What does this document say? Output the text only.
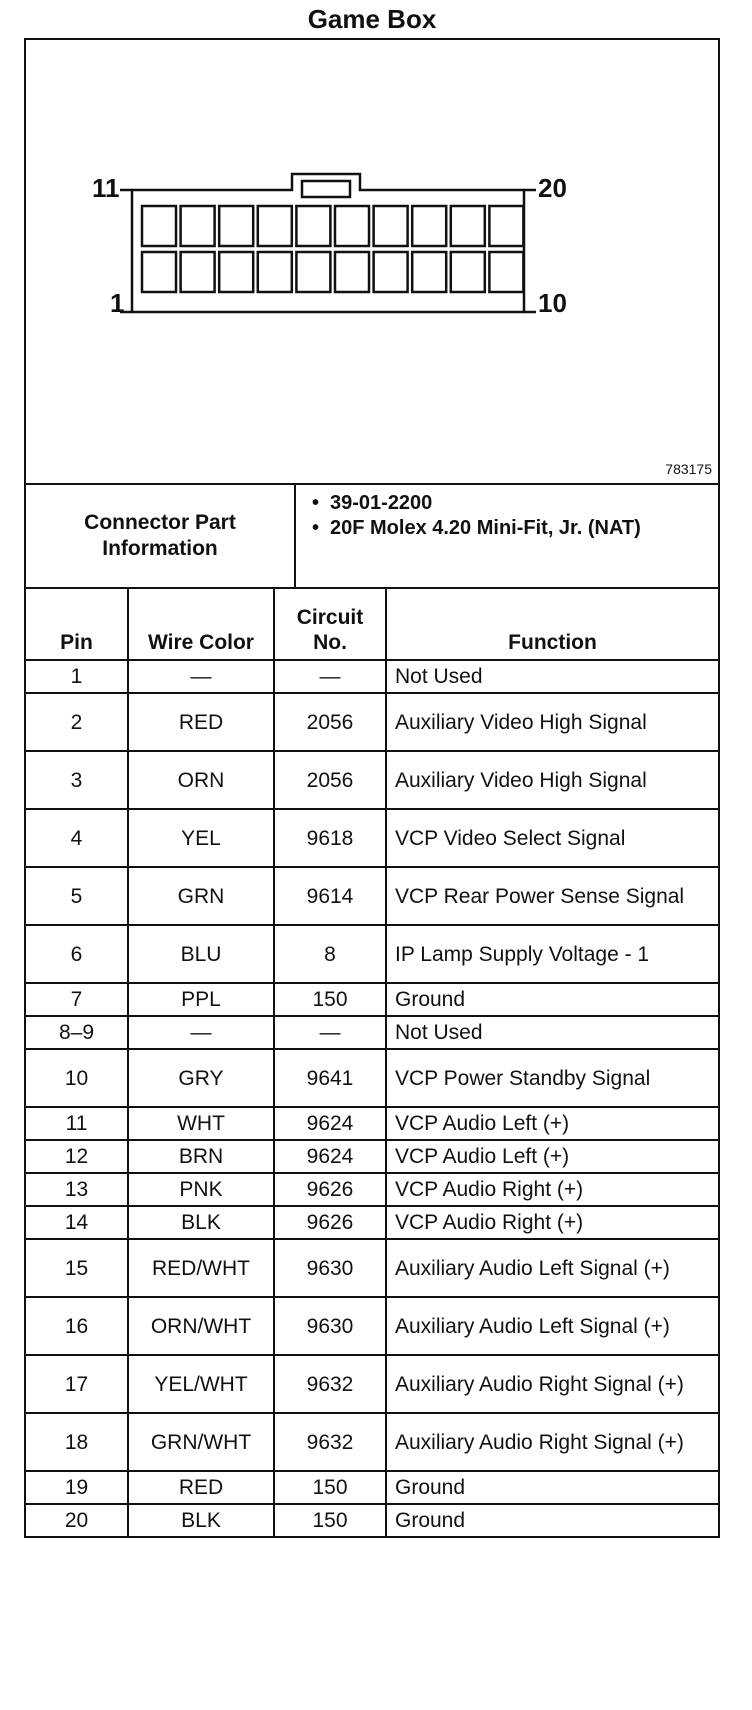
Game Box
11	20
1	10
783175
Connector Part Information
• 39-01-2200
• 20F Molex 4.20 Mini-Fit, Jr. (NAT)
Pin	Wire Color	Circuit No.	Function
1	—	—	Not Used
2	RED	2056	Auxiliary Video High Signal
3	ORN	2056	Auxiliary Video High Signal
4	YEL	9618	VCP Video Select Signal
5	GRN	9614	VCP Rear Power Sense Signal
6	BLU	8	IP Lamp Supply Voltage - 1
7	PPL	150	Ground
8–9	—	—	Not Used
10	GRY	9641	VCP Power Standby Signal
11	WHT	9624	VCP Audio Left (+)
12	BRN	9624	VCP Audio Left (+)
13	PNK	9626	VCP Audio Right (+)
14	BLK	9626	VCP Audio Right (+)
15	RED/WHT	9630	Auxiliary Audio Left Signal (+)
16	ORN/WHT	9630	Auxiliary Audio Left Signal (+)
17	YEL/WHT	9632	Auxiliary Audio Right Signal (+)
18	GRN/WHT	9632	Auxiliary Audio Right Signal (+)
19	RED	150	Ground
20	BLK	150	Ground
